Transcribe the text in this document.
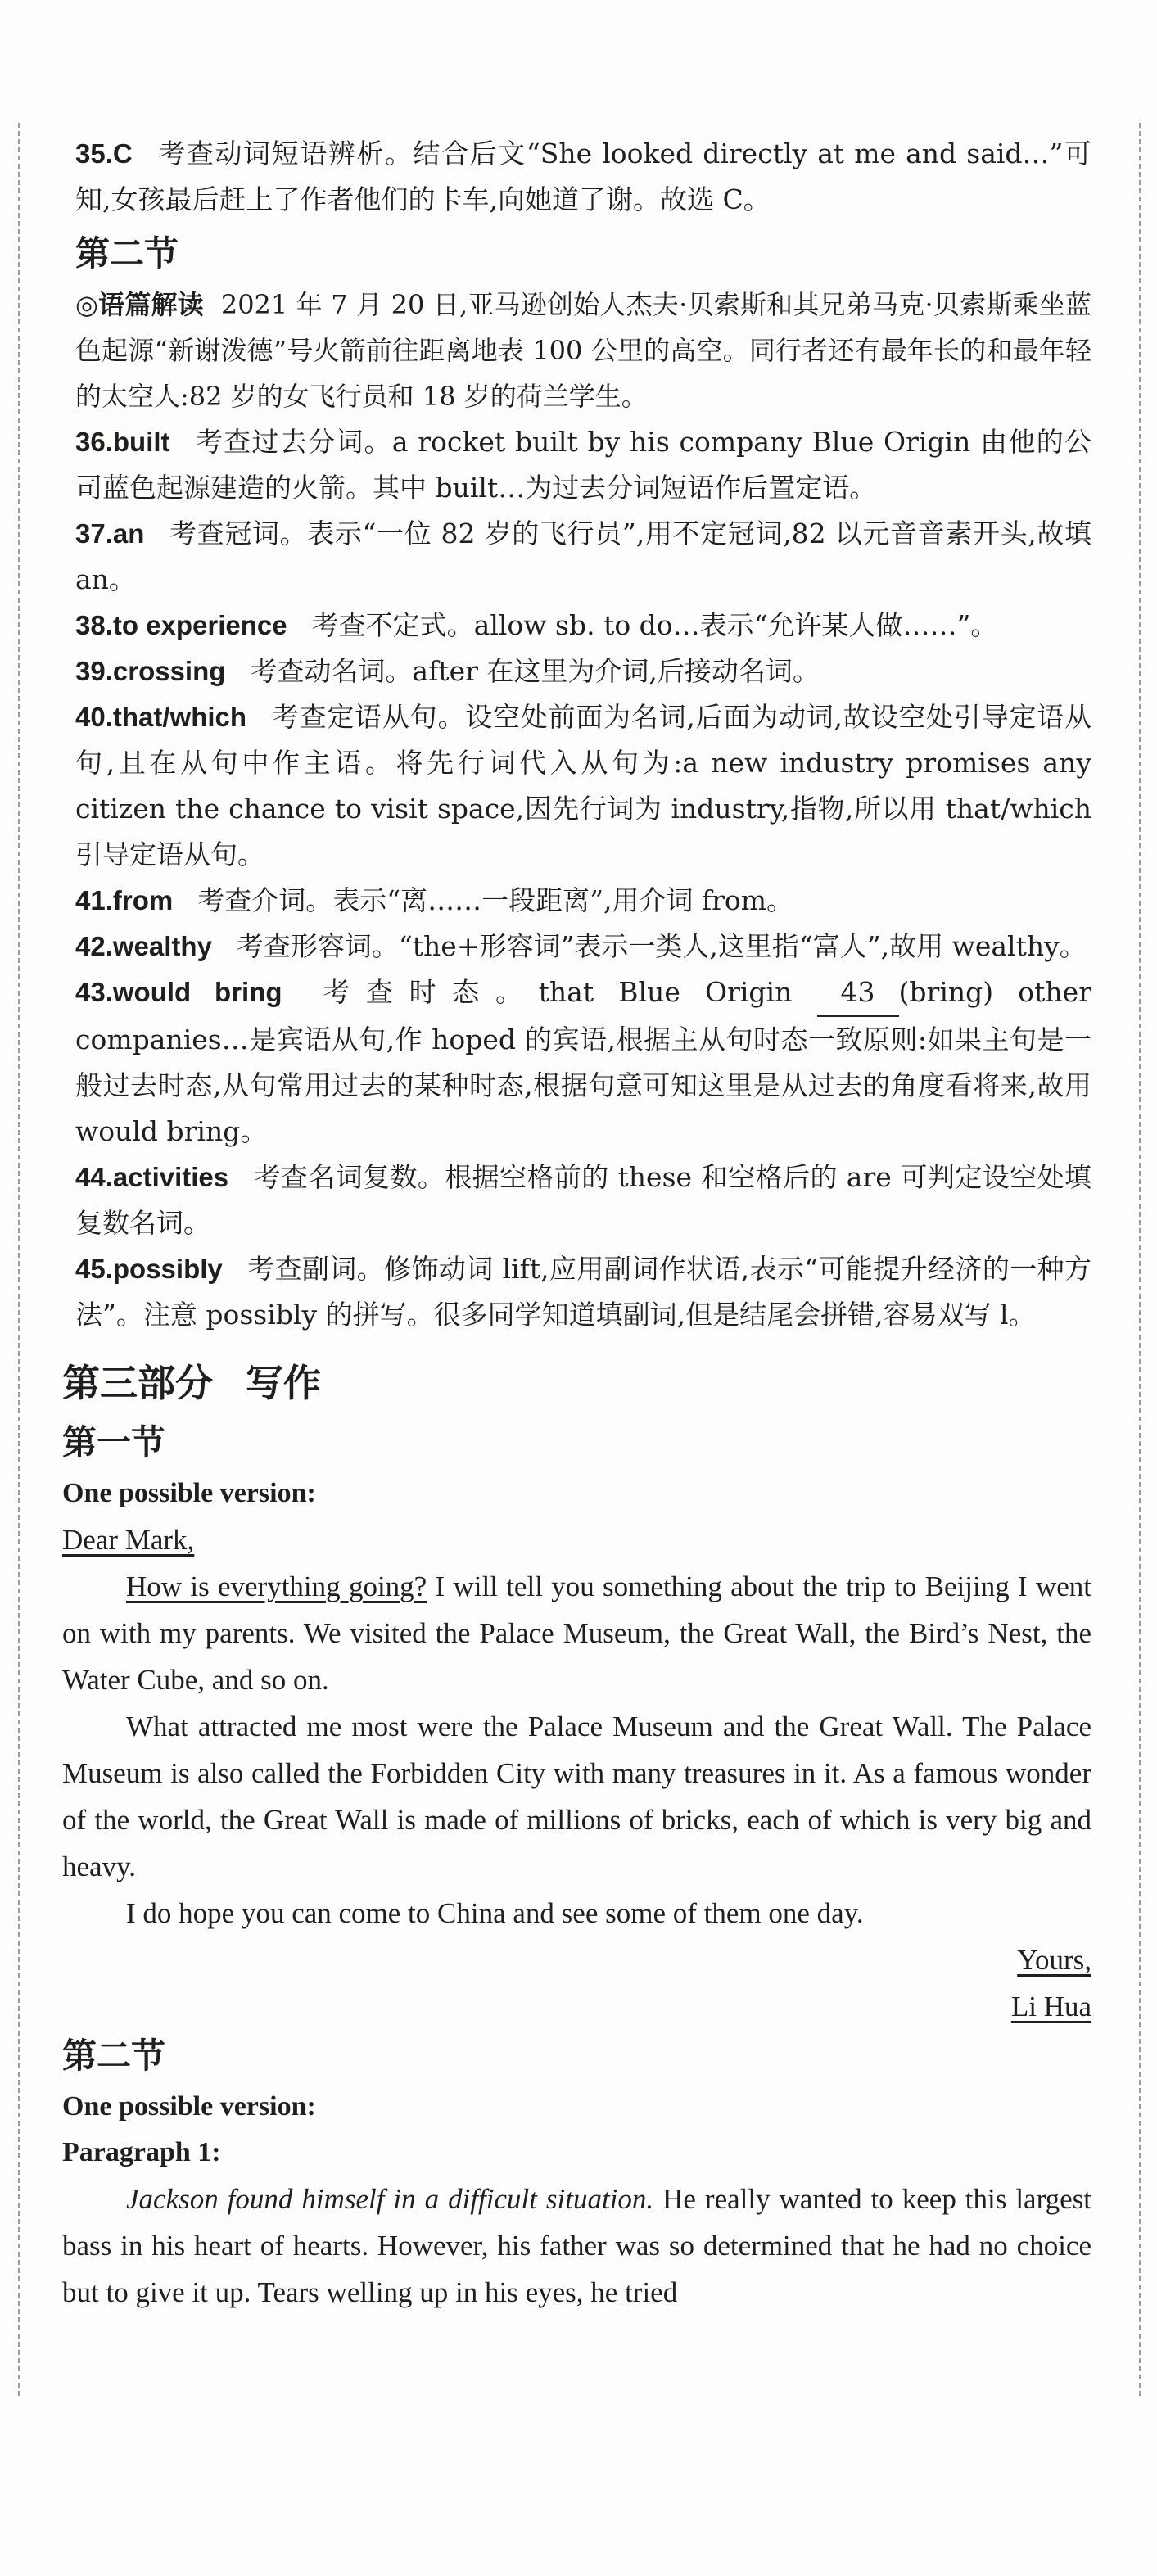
35.C 考查动词短语辨析。结合后文“She looked directly at me and said…”可知,女孩最后赶上了作者他们的卡车,向她道了谢。故选 C。

第二节

◎语篇解读 2021 年 7 月 20 日,亚马逊创始人杰夫·贝索斯和其兄弟马克·贝索斯乘坐蓝色起源“新谢泼德”号火箭前往距离地表 100 公里的高空。同行者还有最年长的和最年轻的太空人:82 岁的女飞行员和 18 岁的荷兰学生。

36.built 考查过去分词。a rocket built by his company Blue Origin 由他的公司蓝色起源建造的火箭。其中 built…为过去分词短语作后置定语。

37.an 考查冠词。表示“一位 82 岁的飞行员”,用不定冠词,82 以元音音素开头,故填 an。

38.to experience 考查不定式。allow sb. to do…表示“允许某人做……”。

39.crossing 考查动名词。after 在这里为介词,后接动名词。

40.that/which 考查定语从句。设空处前面为名词,后面为动词,故设空处引导定语从句,且在从句中作主语。将先行词代入从句为:a new industry promises any citizen the chance to visit space,因先行词为 industry,指物,所以用 that/which 引导定语从句。

41.from 考查介词。表示“离……一段距离”,用介词 from。

42.wealthy 考查形容词。“the+形容词”表示一类人,这里指“富人”,故用 wealthy。

43.would bring 考查时态。that Blue Origin 43 (bring) other companies…是宾语从句,作 hoped 的宾语,根据主从句时态一致原则:如果主句是一般过去时态,从句常用过去的某种时态,根据句意可知这里是从过去的角度看将来,故用 would bring。

44.activities 考查名词复数。根据空格前的 these 和空格后的 are 可判定设空处填复数名词。

45.possibly 考查副词。修饰动词 lift,应用副词作状语,表示“可能提升经济的一种方法”。注意 possibly 的拼写。很多同学知道填副词,但是结尾会拼错,容易双写 l。

第三部分 写作
第一节

One possible version:

Dear Mark,

How is everything going? I will tell you something about the trip to Beijing I went on with my parents. We visited the Palace Museum, the Great Wall, the Bird’s Nest, the Water Cube, and so on.

What attracted me most were the Palace Museum and the Great Wall. The Palace Museum is also called the Forbidden City with many treasures in it. As a famous wonder of the world, the Great Wall is made of millions of bricks, each of which is very big and heavy.

I do hope you can come to China and see some of them one day.

Yours,

Li Hua

第二节

One possible version:

Paragraph 1:

Jackson found himself in a difficult situation. He really wanted to keep this largest bass in his heart of hearts. However, his father was so determined that he had no choice but to give it up. Tears welling up in his eyes, he tried
